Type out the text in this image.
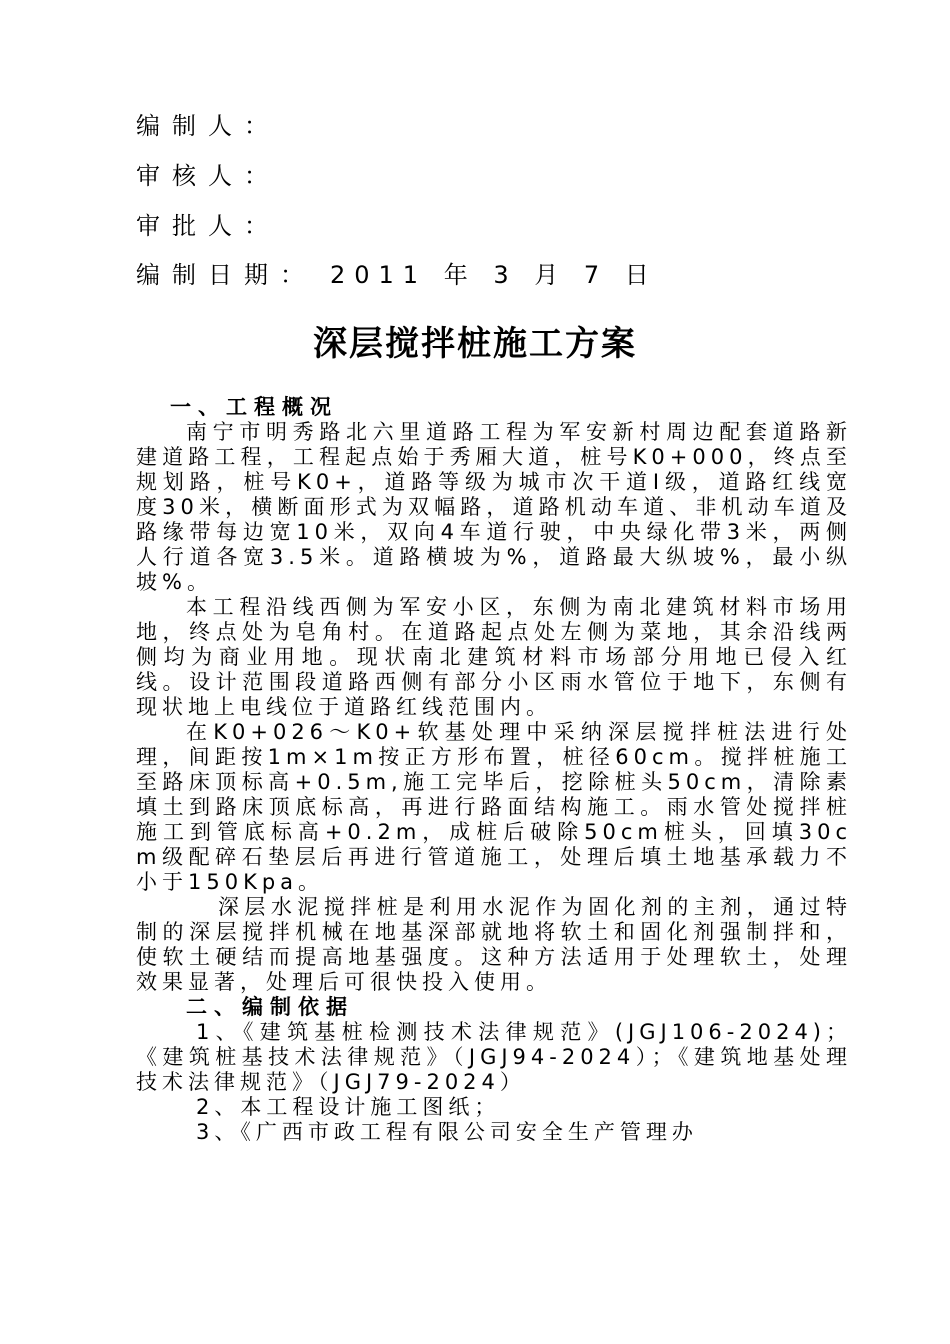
编制人：
审核人：
审批人：
编制日期： 2011 年 3 月 7 日
深层搅拌桩施工方案

一、工程概况

南宁市明秀路北六里道路工程为军安新村周边配套道路新建道路工程，工程起点始于秀厢大道，桩号K0+000，终点至规划路，桩号K0+，道路等级为城市次干道Ⅰ级，道路红线宽度30米，横断面形式为双幅路，道路机动车道、非机动车道及路缘带每边宽10米，双向4车道行驶，中央绿化带3米，两侧人行道各宽3.5米。道路横坡为%，道路最大纵坡%，最小纵坡%。

本工程沿线西侧为军安小区，东侧为南北建筑材料市场用地，终点处为皂角村。在道路起点处左侧为菜地，其余沿线两侧均为商业用地。现状南北建筑材料市场部分用地已侵入红线。设计范围段道路西侧有部分小区雨水管位于地下，东侧有现状地上电线位于道路红线范围内。

在K0+026～K0+软基处理中采纳深层搅拌桩法进行处理，间距按1m×1m按正方形布置，桩径60cm。搅拌桩施工至路床顶标高+0.5m,施工完毕后，挖除桩头50cm，清除素填土到路床顶底标高，再进行路面结构施工。雨水管处搅拌桩施工到管底标高+0.2m，成桩后破除50cm桩头，回填30cm级配碎石垫层后再进行管道施工，处理后填土地基承载力不小于150Kpa。

深层水泥搅拌桩是利用水泥作为固化剂的主剂，通过特制的深层搅拌机械在地基深部就地将软土和固化剂强制拌和，使软土硬结而提高地基强度。这种方法适用于处理软土，处理效果显著，处理后可很快投入使用。

二、编制依据

1、《建筑基桩检测技术法律规范》(JGJ106-2024)；《建筑桩基技术法律规范》（JGJ94-2024）；《建筑地基处理技术法律规范》（JGJ79-2024）

2、本工程设计施工图纸；

3、《广西市政工程有限公司安全生产管理办
